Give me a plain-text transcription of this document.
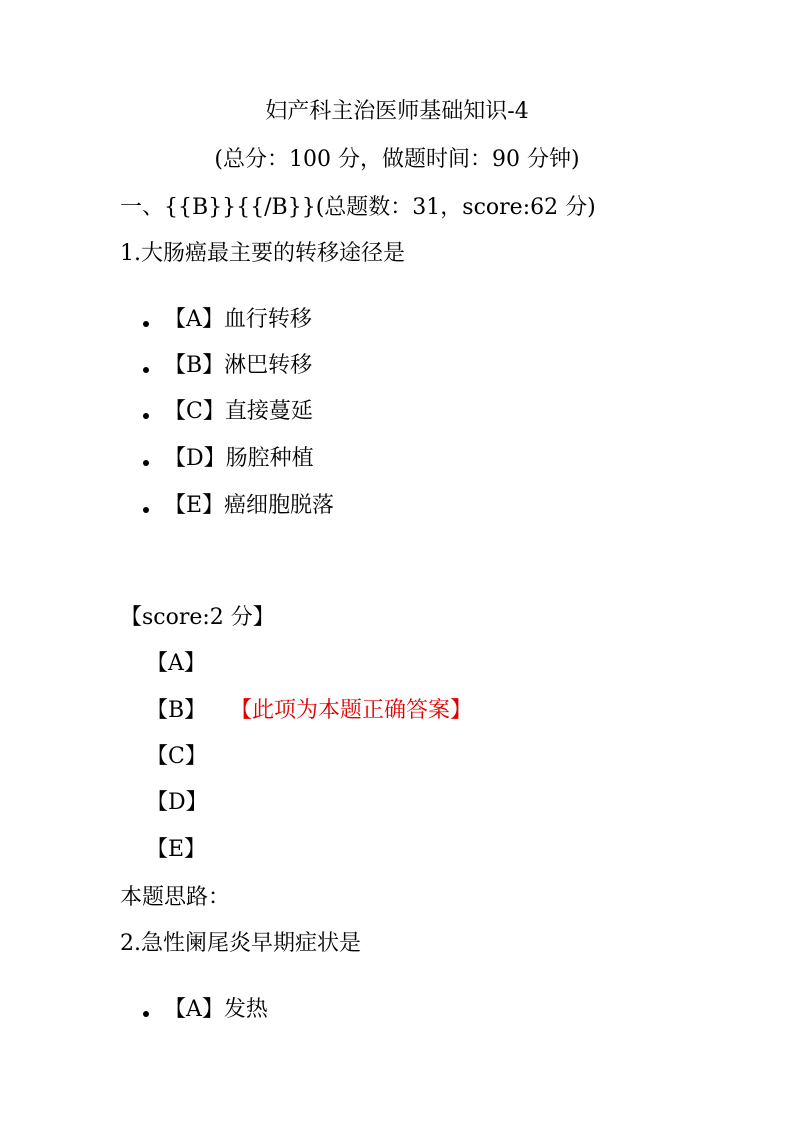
妇产科主治医师基础知识-4
(总分：100 分，做题时间：90 分钟)
一、{{B}}{{/B}}(总题数：31，score:62 分)
1.大肠癌最主要的转移途径是
【A】血行转移
【B】淋巴转移
【C】直接蔓延
【D】肠腔种植
【E】癌细胞脱落
【score:2 分】
【A】
【B】 【此项为本题正确答案】
【C】
【D】
【E】
本题思路：
2.急性阑尾炎早期症状是
【A】发热
